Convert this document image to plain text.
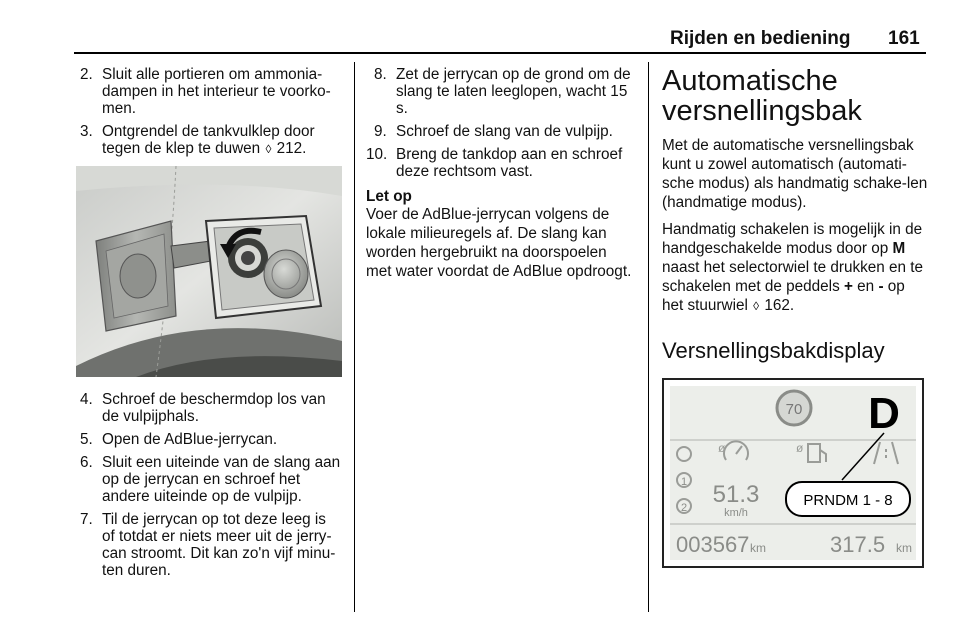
Rijden en bediening 161
2. Sluit alle portieren om ammonia-dampen in het interieur te voorko-men.
3. Ontgrendel de tankvulklep door tegen de klep te duwen ◊ 212.
4. Schroef de beschermdop los van de vulpijphals.
5. Open de AdBlue-jerrycan.
6. Sluit een uiteinde van de slang aan op de jerrycan en schroef het andere uiteinde op de vulpijp.
7. Til de jerrycan op tot deze leeg is of totdat er niets meer uit de jerry-can stroomt. Dit kan zo'n vijf minu-ten duren.
8. Zet de jerrycan op de grond om de slang te laten leeglopen, wacht 15 s.
9. Schroef de slang van de vulpijp.
10. Breng de tankdop aan en schroef deze rechtsom vast.
Let op
Voer de AdBlue-jerrycan volgens de lokale milieuregels af. De slang kan worden hergebruikt na doorspoelen met water voordat de AdBlue opdroogt.
Automatische versnellingsbak

Met de automatische versnellingsbak kunt u zowel automatisch (automati-sche modus) als handmatig schake-len (handmatige modus).

Handmatig schakelen is mogelijk in de handgeschakelde modus door op M naast het selectorwiel te drukken en te schakelen met de peddels + en - op het stuurwiel ◊ 162.

Versnellingsbakdisplay
70 D
1
2
ø	ø
51.3
km/h
PRNDM 1 - 8
003567 km	317.5 km
